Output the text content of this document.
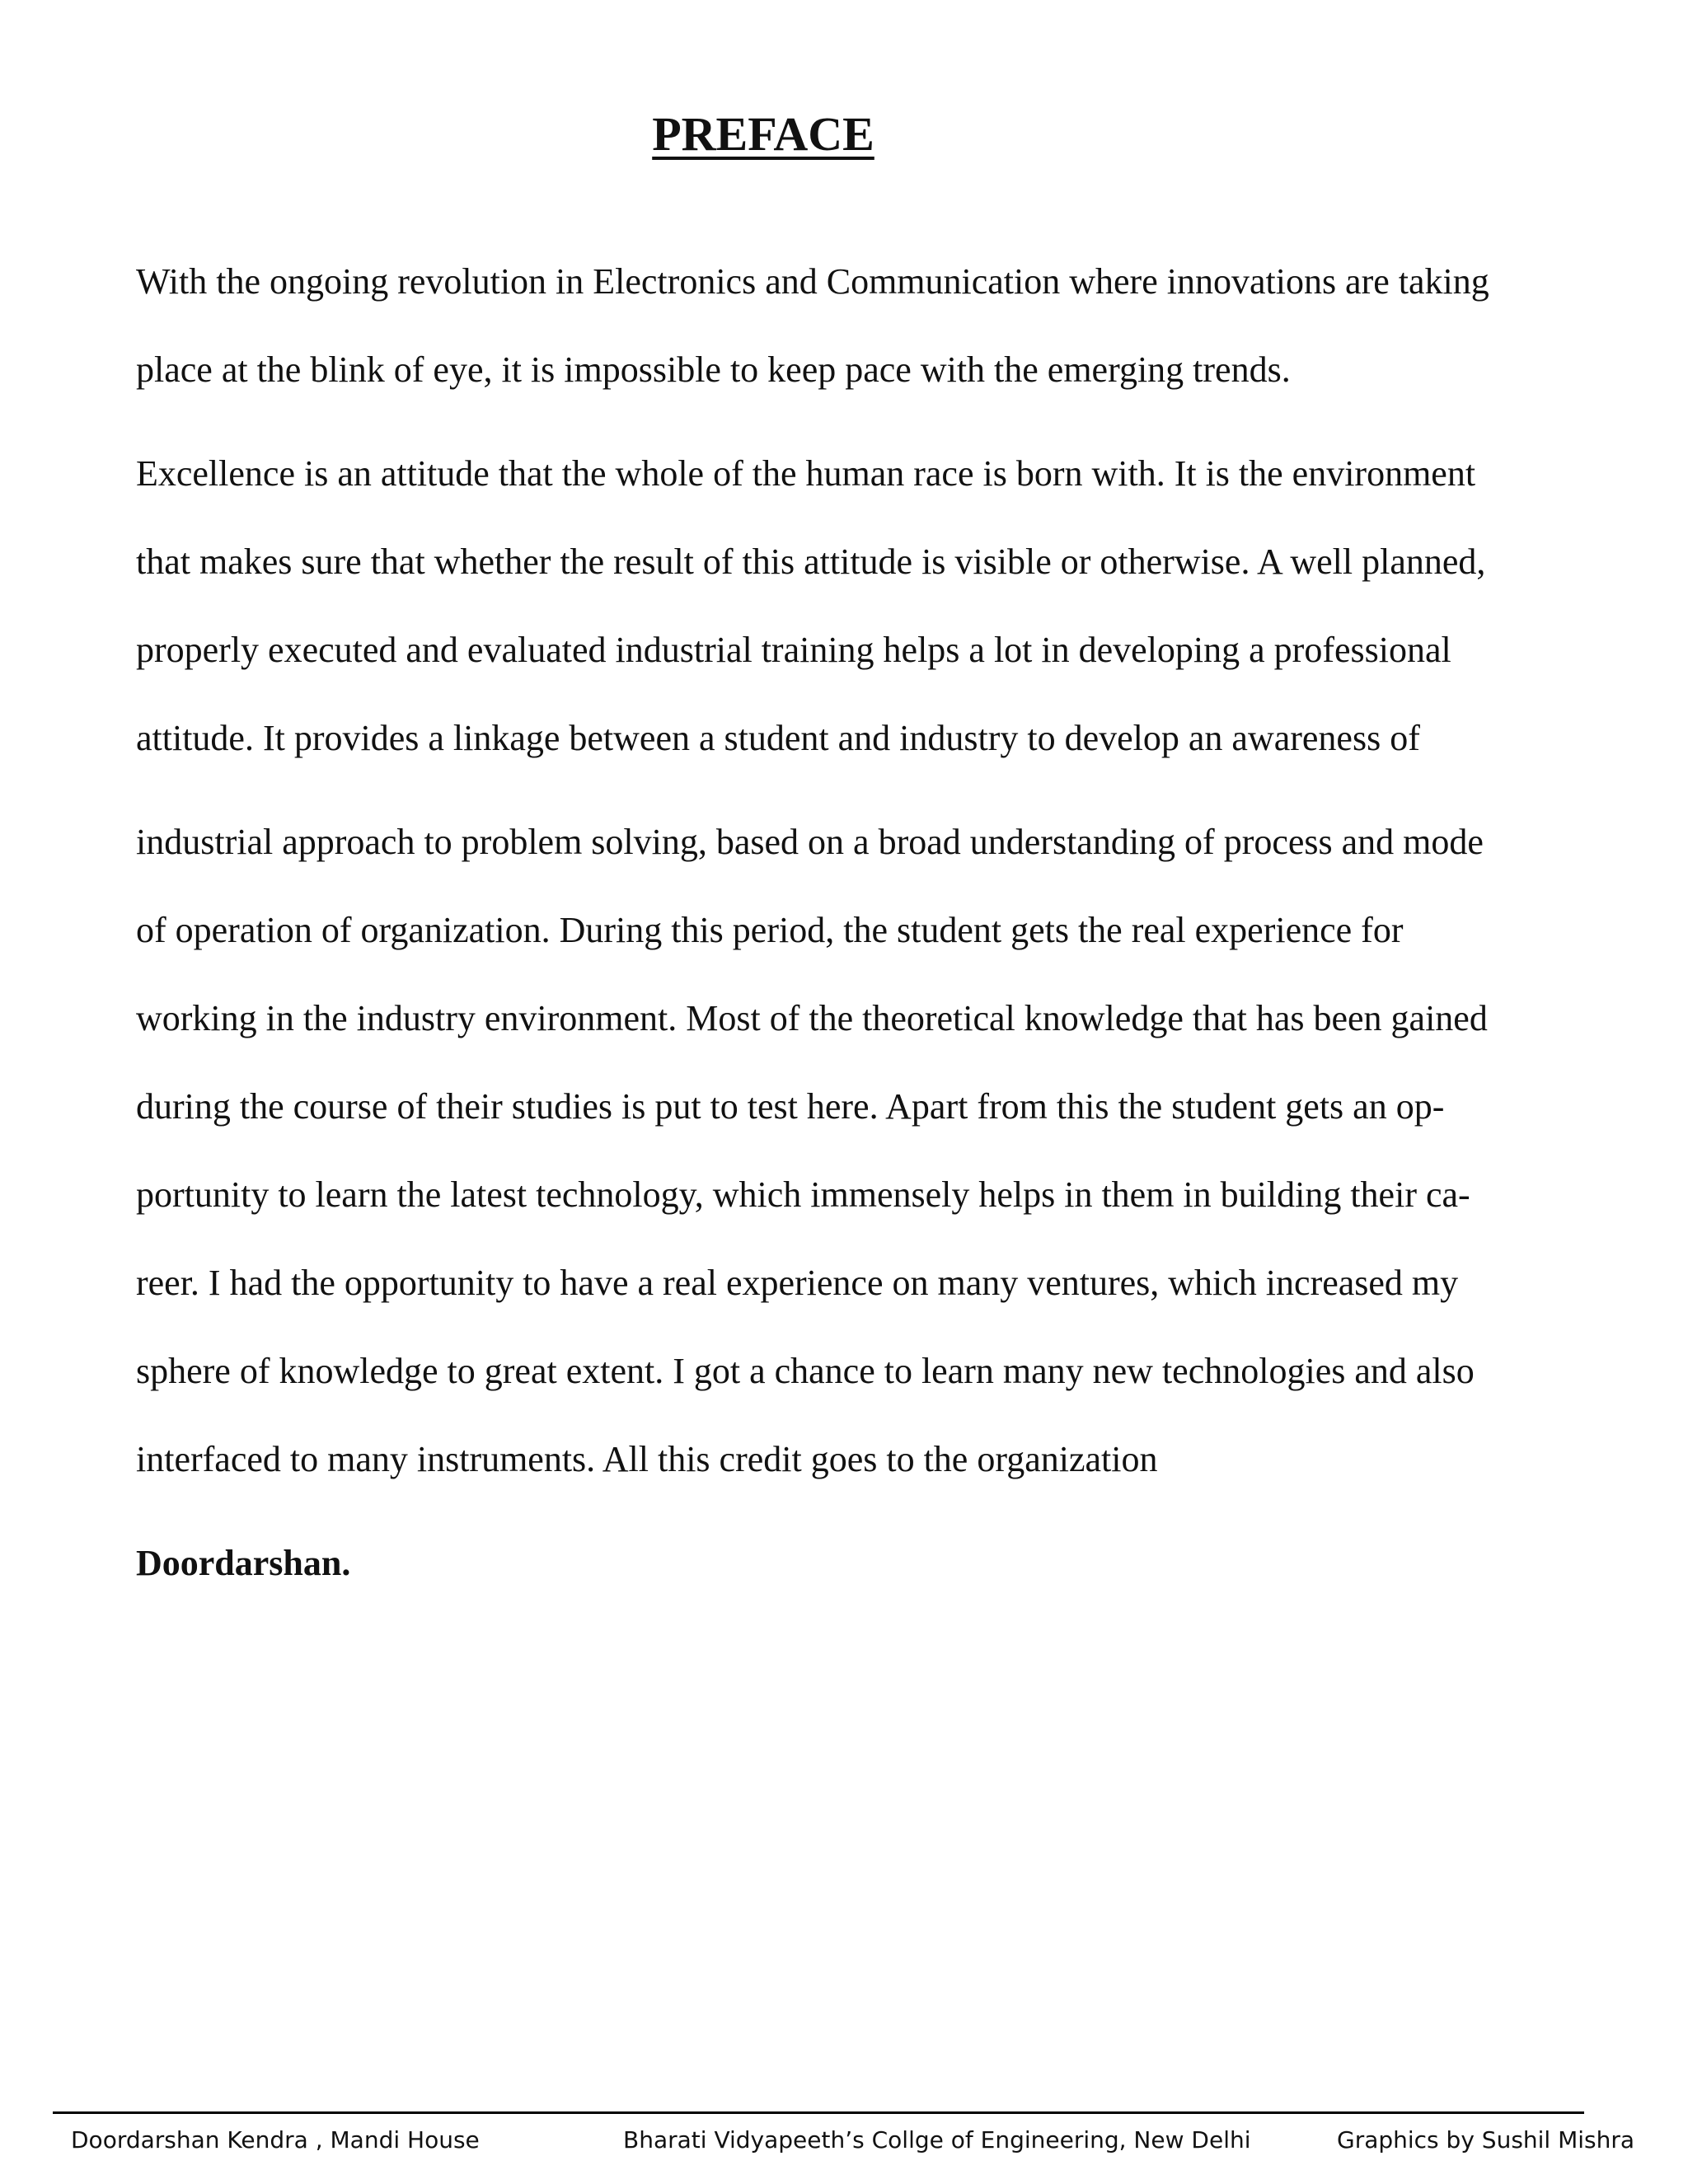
PREFACE

With the ongoing revolution in Electronics and Communication where innovations are taking

place at the blink of eye, it is impossible to keep pace with the emerging trends.

Excellence is an attitude that the whole of the human race is born with. It is the environment

that makes sure that whether the result of this attitude is visible or otherwise. A well planned,

properly executed and evaluated industrial training helps a lot in developing a professional

attitude. It provides a linkage between a student and industry to develop an awareness of

industrial approach to problem solving, based on a broad understanding of process and mode

of operation of organization. During this period, the student gets the real experience for

working in the industry environment. Most of the theoretical knowledge that has been gained

during the course of their studies is put to test here. Apart from this the student gets an op-

portunity to learn the latest technology, which immensely helps in them in building their ca-

reer. I had the opportunity to have a real experience on many ventures, which increased my

sphere of knowledge to great extent. I got a chance to learn many new technologies and also

interfaced to many instruments. All this credit goes to the organization

Doordarshan.

Doordarshan Kendra , Mandi House	Bharati Vidyapeeth’s Collge of Engineering, New Delhi	Graphics by Sushil Mishra
